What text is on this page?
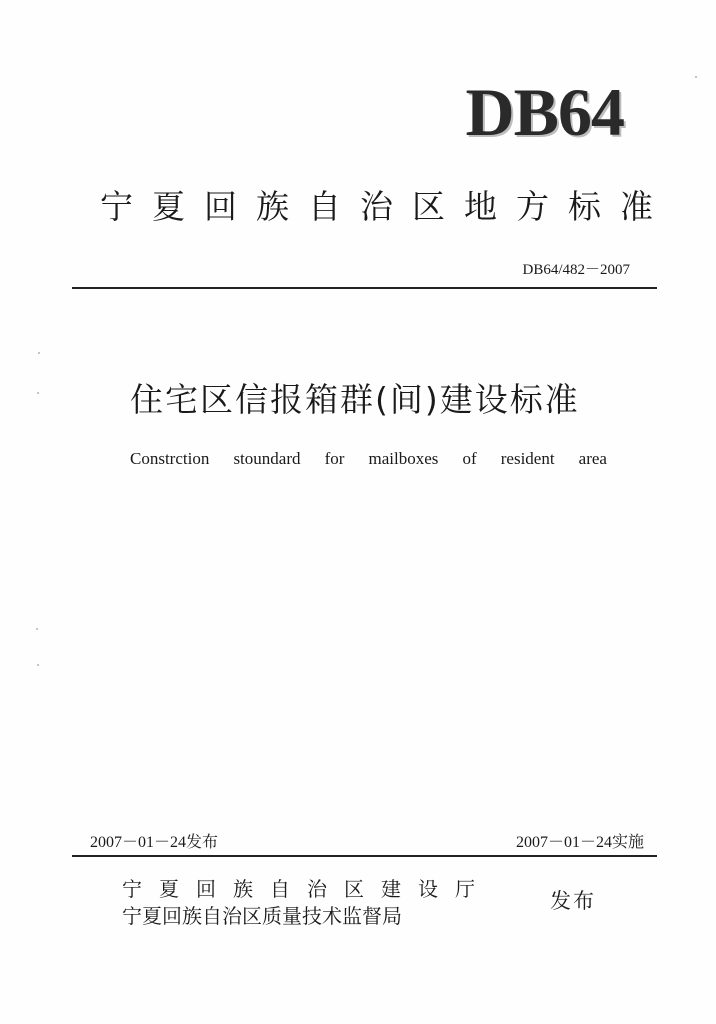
DB64
宁夏回族自治区地方标准
DB64/482－2007
住宅区信报箱群(间)建设标准
Constrction stoundard for mailboxes of resident area
2007－01－24发布	2007－01－24实施
宁夏回族自治区建设厅
宁夏回族自治区质量技术监督局
发布
